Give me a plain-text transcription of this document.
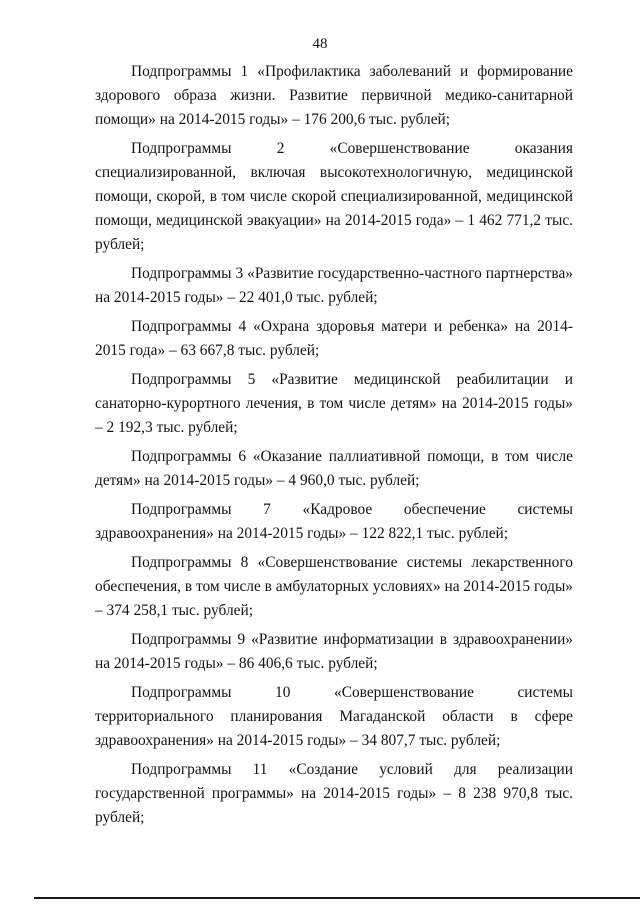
48

Подпрограммы 1 «Профилактика заболеваний и формирование здорового образа жизни. Развитие первичной медико-санитарной помощи» на 2014-2015 годы» – 176 200,6 тыс. рублей;

Подпрограммы 2 «Совершенствование оказания специализированной, включая высокотехнологичную, медицинской помощи, скорой, в том числе скорой специализированной, медицинской помощи, медицинской эвакуации» на 2014-2015 года» – 1 462 771,2 тыс. рублей;

Подпрограммы 3 «Развитие государственно-частного партнерства» на 2014-2015 годы» – 22 401,0 тыс. рублей;

Подпрограммы 4 «Охрана здоровья матери и ребенка» на 2014-2015 года» – 63 667,8 тыс. рублей;

Подпрограммы 5 «Развитие медицинской реабилитации и санаторно-курортного лечения, в том числе детям» на 2014-2015 годы» – 2 192,3 тыс. рублей;

Подпрограммы 6 «Оказание паллиативной помощи, в том числе детям» на 2014-2015 годы» – 4 960,0 тыс. рублей;

Подпрограммы 7 «Кадровое обеспечение системы здравоохранения» на 2014-2015 годы» – 122 822,1 тыс. рублей;

Подпрограммы 8 «Совершенствование системы лекарственного обеспечения, в том числе в амбулаторных условиях» на 2014-2015 годы» – 374 258,1 тыс. рублей;

Подпрограммы 9 «Развитие информатизации в здравоохранении» на 2014-2015 годы» – 86 406,6 тыс. рублей;

Подпрограммы 10 «Совершенствование системы территориального планирования Магаданской области в сфере здравоохранения» на 2014-2015 годы» – 34 807,7 тыс. рублей;

Подпрограммы 11 «Создание условий для реализации государственной программы» на 2014-2015 годы» – 8 238 970,8 тыс. рублей;
